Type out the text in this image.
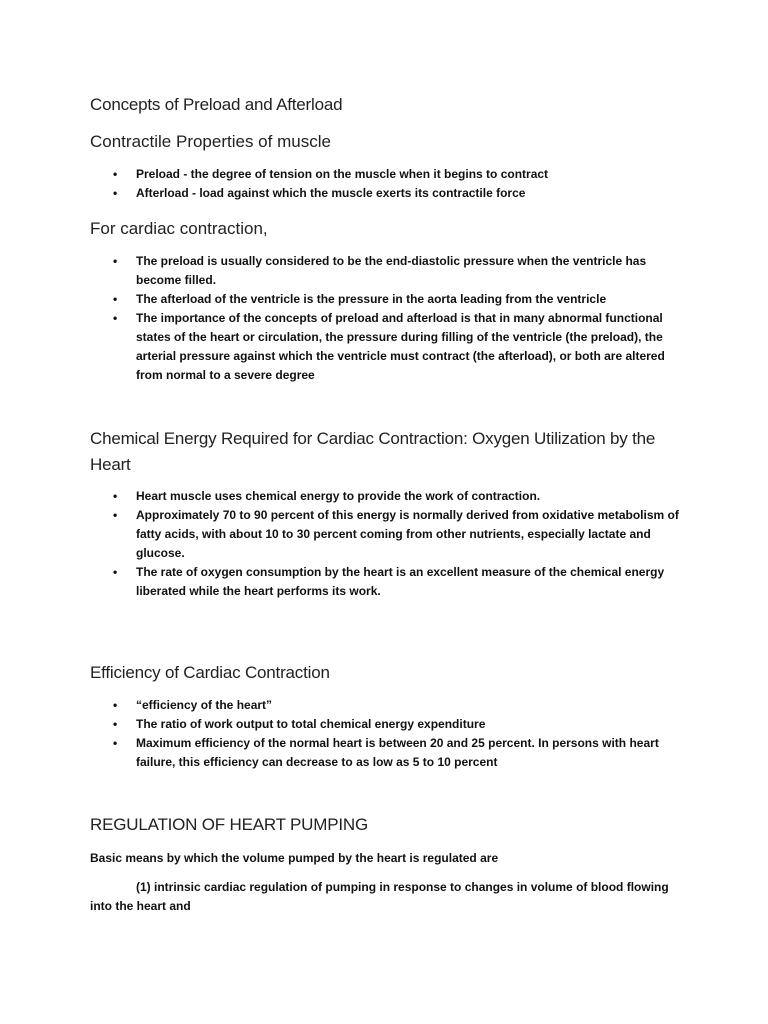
Concepts of Preload and Afterload
Contractile Properties of muscle
• Preload - the degree of tension on the muscle when it begins to contract
• Afterload - load against which the muscle exerts its contractile force
For cardiac contraction,
• The preload is usually considered to be the end-diastolic pressure when the ventricle has become filled.
• The afterload of the ventricle is the pressure in the aorta leading from the ventricle
• The importance of the concepts of preload and afterload is that in many abnormal functional states of the heart or circulation, the pressure during filling of the ventricle (the preload), the arterial pressure against which the ventricle must contract (the afterload), or both are altered from normal to a severe degree
Chemical Energy Required for Cardiac Contraction: Oxygen Utilization by the Heart
• Heart muscle uses chemical energy to provide the work of contraction.
• Approximately 70 to 90 percent of this energy is normally derived from oxidative metabolism of fatty acids, with about 10 to 30 percent coming from other nutrients, especially lactate and glucose.
• The rate of oxygen consumption by the heart is an excellent measure of the chemical energy liberated while the heart performs its work.
Efficiency of Cardiac Contraction
• “efficiency of the heart”
• The ratio of work output to total chemical energy expenditure
• Maximum efficiency of the normal heart is between 20 and 25 percent. In persons with heart failure, this efficiency can decrease to as low as 5 to 10 percent
REGULATION OF HEART PUMPING

Basic means by which the volume pumped by the heart is regulated are

(1) intrinsic cardiac regulation of pumping in response to changes in volume of blood flowing into the heart and
